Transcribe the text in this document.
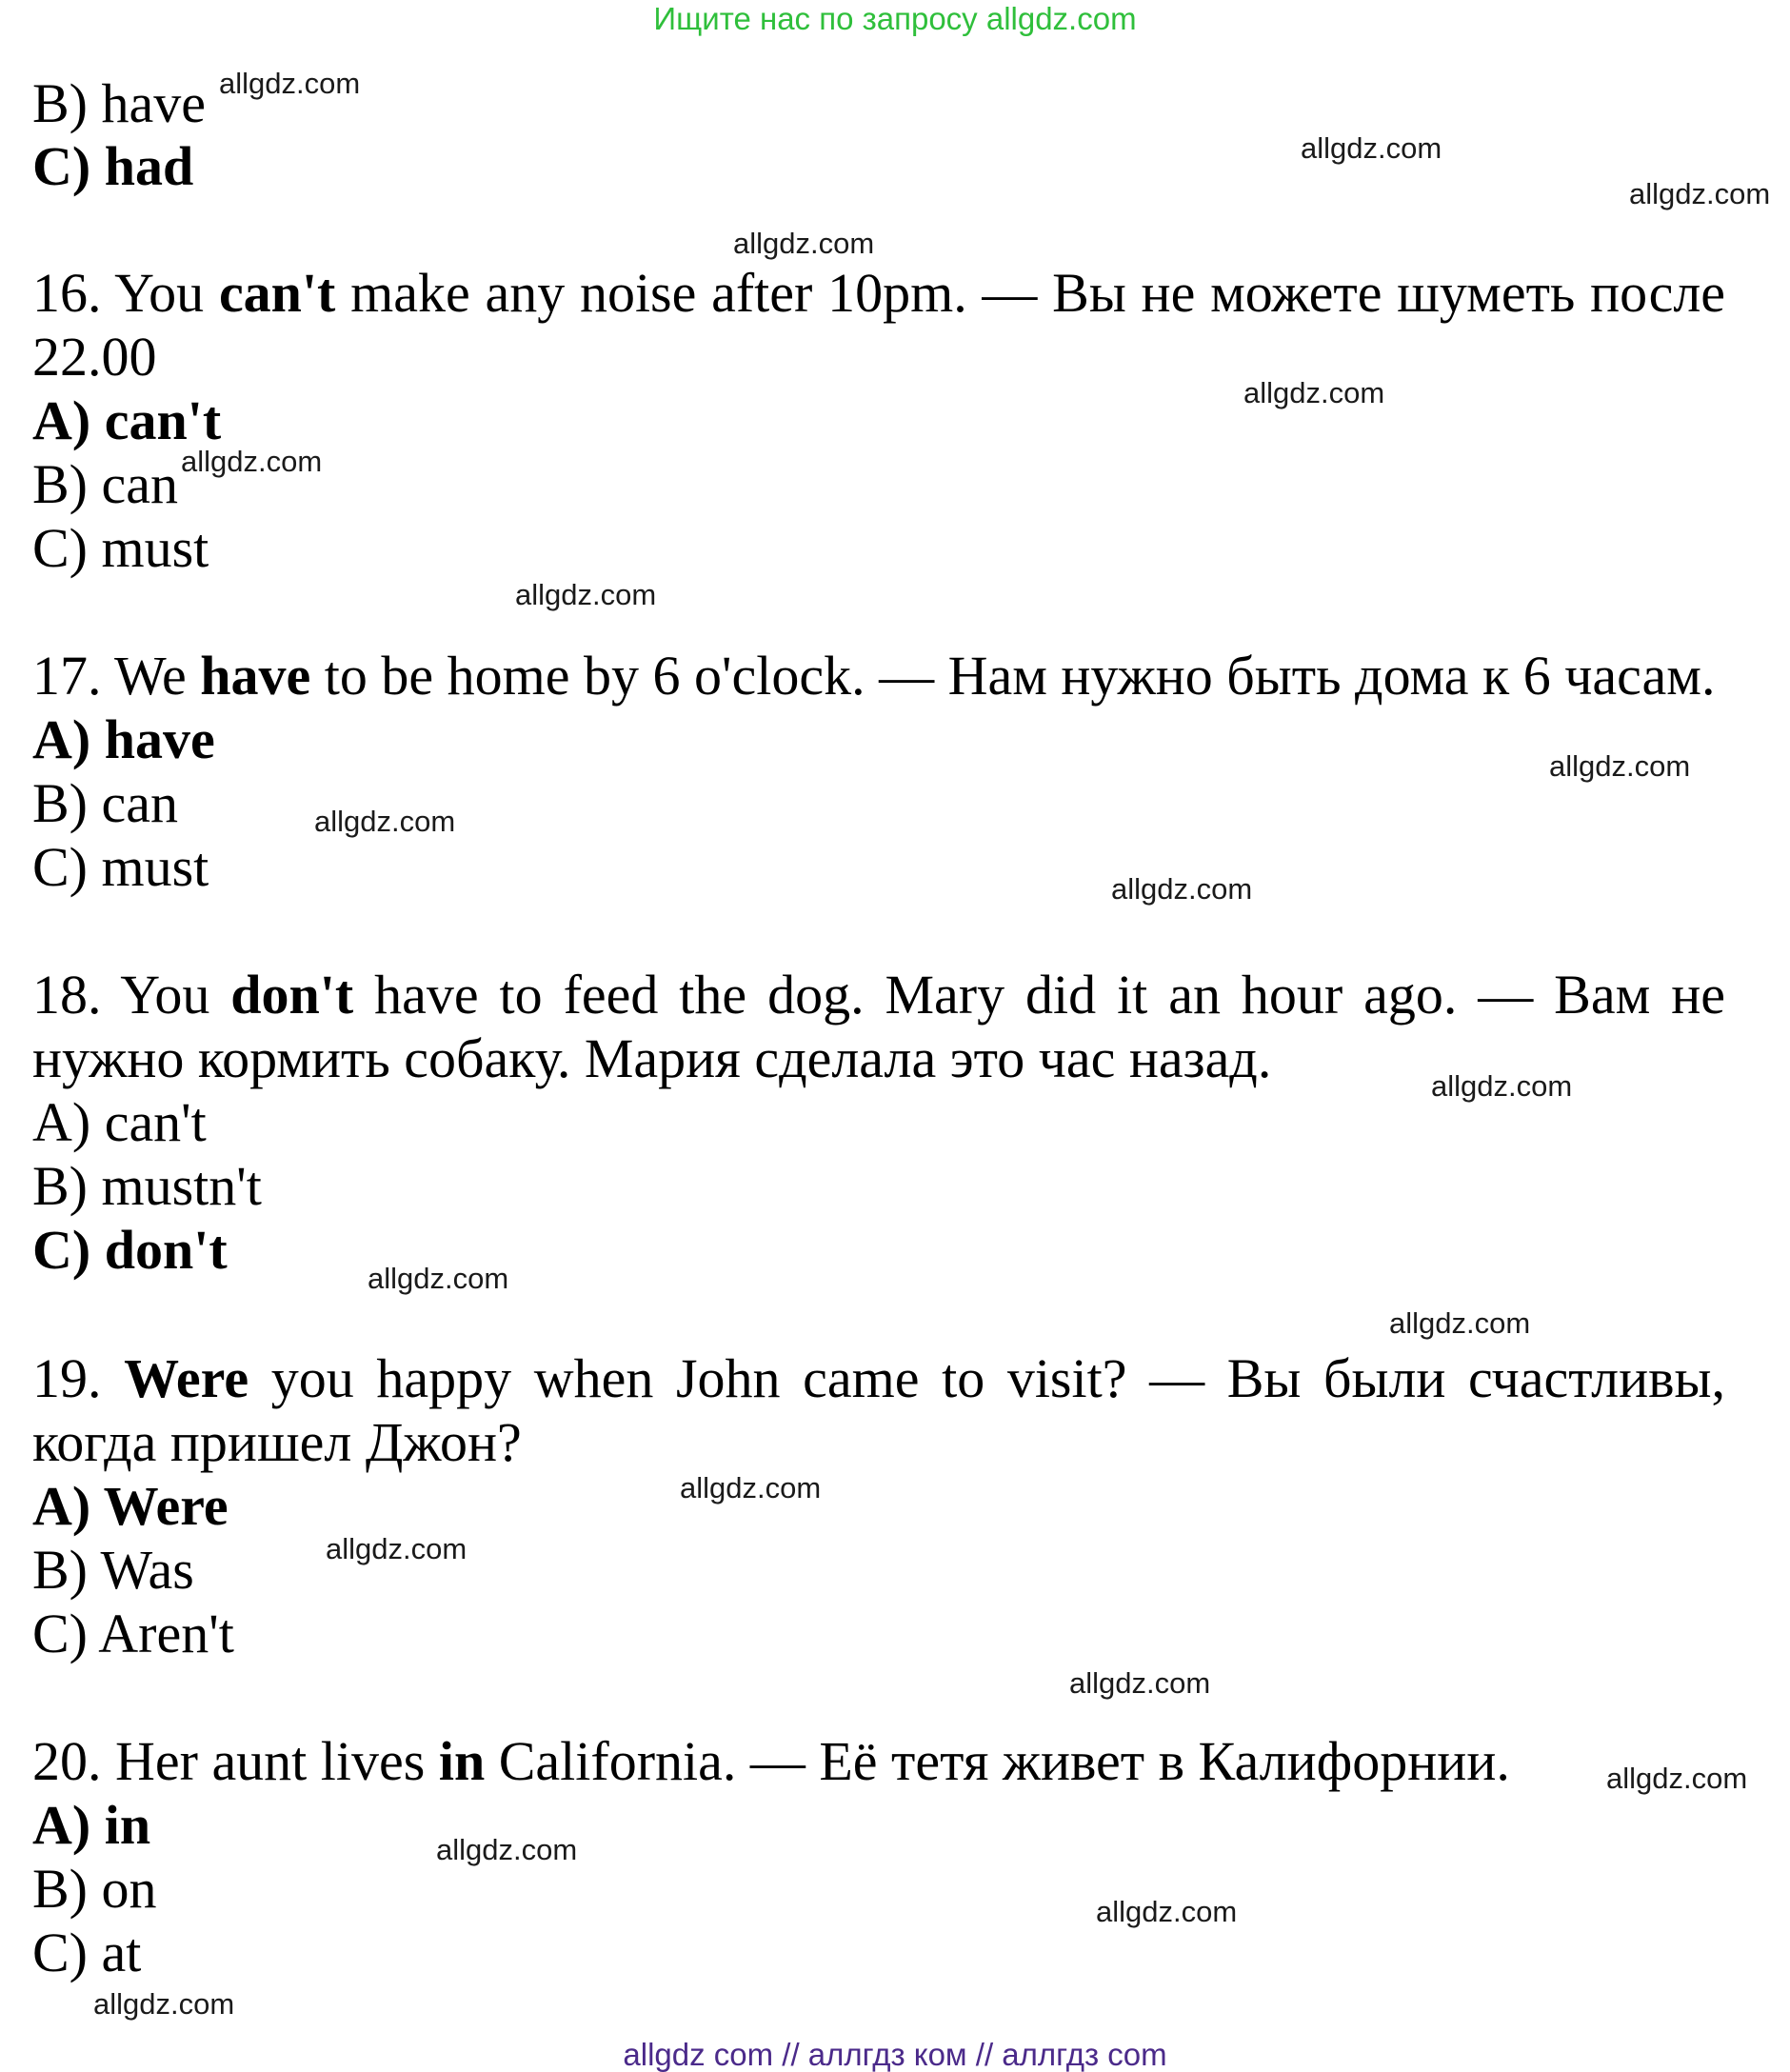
Ищите нас по запросу allgdz.com
B) have
C) had
16. You can't make any noise after 10pm. — Вы не можете шуметь после 22.00
A) can't
B) can
C) must
17. We have to be home by 6 o'clock. — Нам нужно быть дома к 6 часам.
A) have
B) can
C) must
18. You don't have to feed the dog. Mary did it an hour ago. — Вам не нужно кормить собаку. Мария сделала это час назад.
A) can't
B) mustn't
C) don't
19. Were you happy when John came to visit? — Вы были счастливы, когда пришел Джон?
A) Were
B) Was
C) Aren't
20. Her aunt lives in California. — Её тетя живет в Калифорнии.
A) in
B) on
C) at
allgdz.com
allgdz.com
allgdz.com
allgdz.com
allgdz.com
allgdz.com
allgdz.com
allgdz.com
allgdz.com
allgdz.com
allgdz.com
allgdz.com
allgdz.com
allgdz.com
allgdz.com
allgdz.com
allgdz.com
allgdz.com
allgdz.com
allgdz.com
allgdz com // аллгдз ком // аллгдз com
